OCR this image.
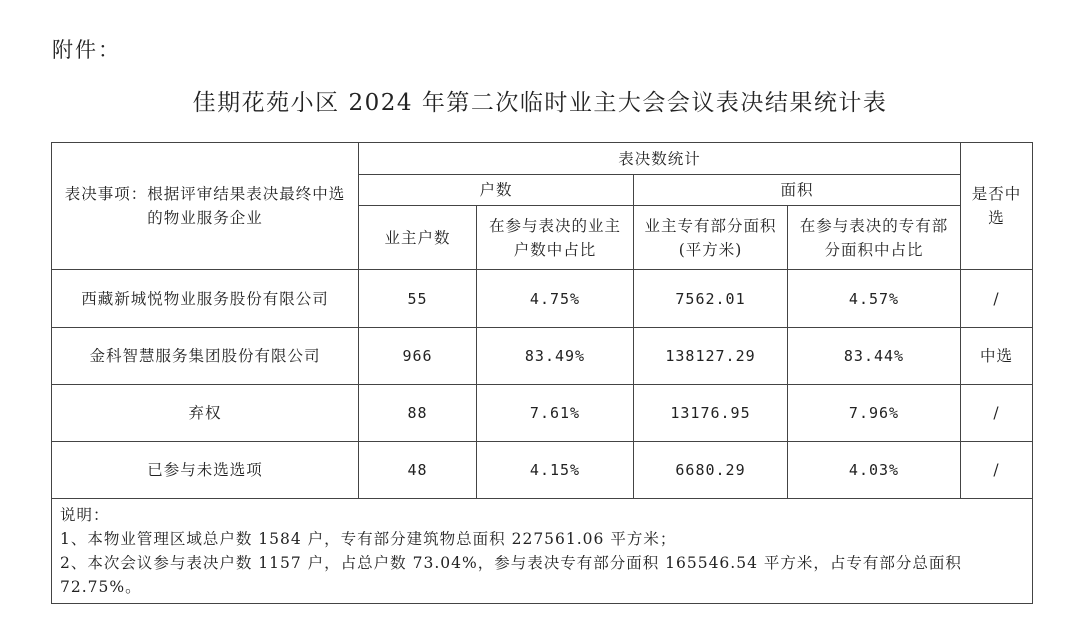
附件：
佳期花苑小区 2024 年第二次临时业主大会会议表决结果统计表
表决事项：根据评审结果表决最终中选的物业服务企业	表决数统计				是否中选
	户数		面积		
	业主户数	在参与表决的业主户数中占比	业主专有部分面积(平方米)	在参与表决的专有部分面积中占比	
西藏新城悦物业服务股份有限公司	55	4.75%	7562.01	4.57%	/
金科智慧服务集团股份有限公司	966	83.49%	138127.29	83.44%	中选
弃权	88	7.61%	13176.95	7.96%	/
已参与未选选项	48	4.15%	6680.29	4.03%	/

说明：
1、本物业管理区域总户数 1584 户，专有部分建筑物总面积 227561.06 平方米；
2、本次会议参与表决户数 1157 户，占总户数 73.04%，参与表决专有部分面积 165546.54 平方米，占专有部分总面积 72.75%。					
